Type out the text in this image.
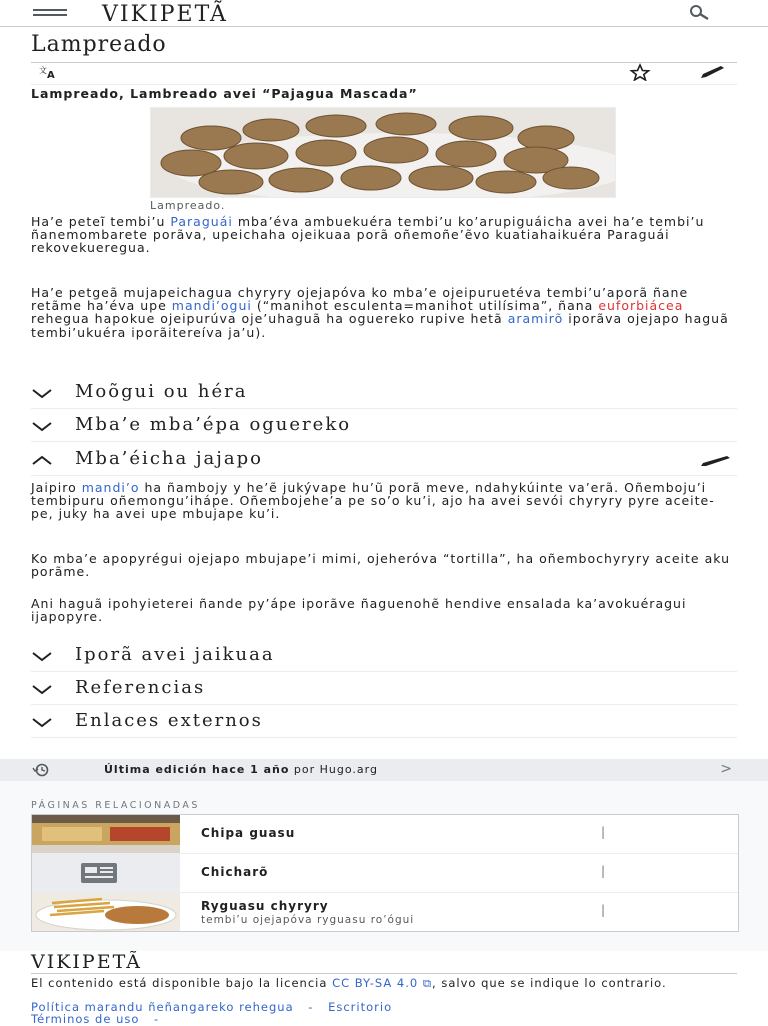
VIKIPETÃ
Lampreado
文 A
Lampreado, Lambreado avei “Pajagua Mascada”
Lampreado.

Ha’e peteĩ tembi’u Paraguái mba’éva ambuekuéra tembi’u ko’arupiguáicha avei ha’e tembi’u ñanemombarete porãva, upeichaha ojeikuaa porã oñemoñe’ẽvo kuatiahaikuéra Paraguái rekovekueregua.

Ha’e petgeã mujapeichagua chyryry ojejapóva ko mba’e ojeipuruetéva tembi’u’aporã ñane retãme ha’éva upe mandi’ogui (“manihot esculenta=manihot utilísima”, ñana euforbiácea rehegua hapokue ojeipurúva oje’uhaguã ha oguereko rupive hetã aramirõ iporãva ojejapo haguã tembi’ukuéra iporãitereíva ja’u).

Moõgui ou héra
Mba’e mba’épa oguereko
Mba’éicha jajapo

Jaipiro mandi’o ha ñambojy y he’ẽ jukývape hu’ũ porã meve, ndahykúinte va’erã. Oñemboju’i tembipuru oñemongu’ihápe. Oñembojehe’a pe so’o ku’i, ajo ha avei sevói chyryry pyre aceite-pe, juky ha avei upe mbujape ku’i.

Ko mba’e apopyrégui ojejapo mbujape’i mimi, ojeheróva “tortilla”, ha oñembochyryry aceite aku porãme.

Ani haguã ipohyieterei ñande py’ápe iporãve ñaguenohẽ hendive ensalada ka’avokuéragui ijapopyre.

Iporã avei jaikuaa
Referencias
Enlaces externos
Última edición hace 1 año por Hugo.arg	>
PÁGINAS RELACIONADAS
Chipa guasu	|
Chicharõ	|
Ryguasu chyryry
tembi’u ojejapóva ryguasu ro’ógui
|
VIKIPETÃ
El contenido está disponible bajo la licencia CC BY-SA 4.0 ⧉, salvo que se indique lo contrario.
Política marandu ñeñangareko rehegua - Escritorio
Términos de uso -
